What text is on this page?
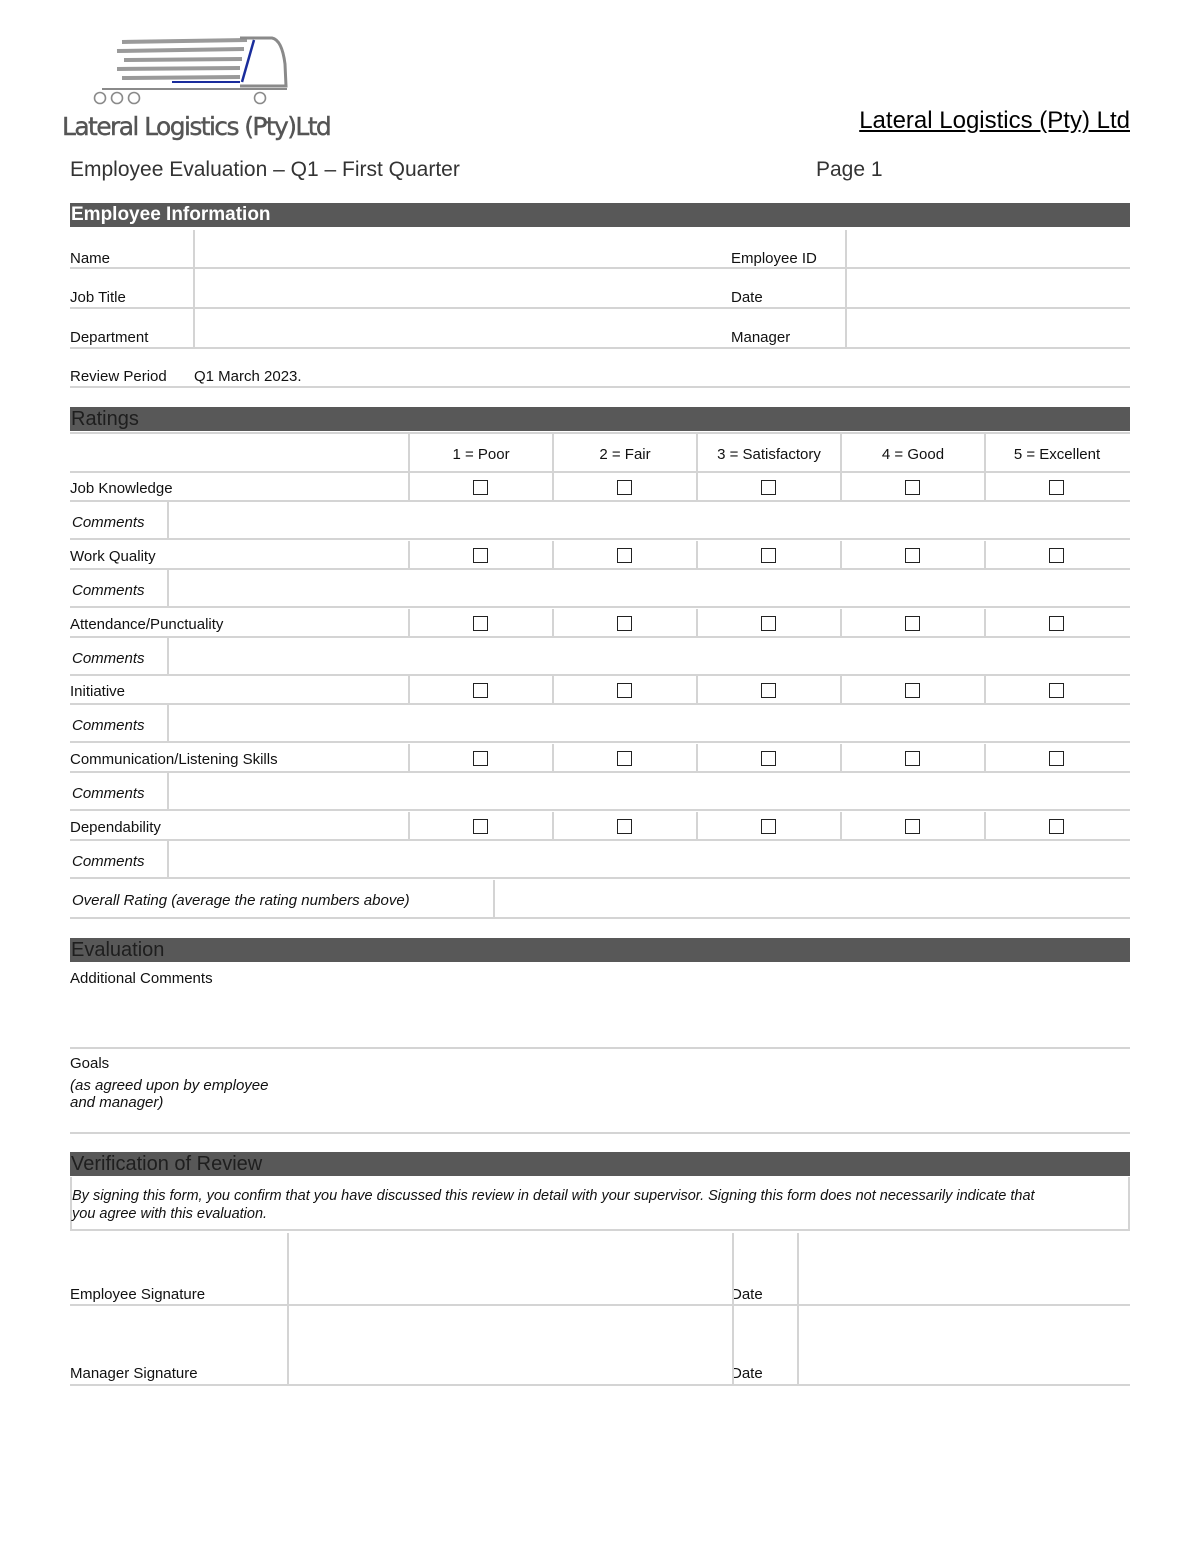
Lateral Logistics (Pty)Ltd	Lateral Logistics (Pty) Ltd
Employee Evaluation – Q1 – First Quarter	Page 1
Employee Information
Name	Employee ID
Job Title	Date
Department	Manager
Review Period Q1 March 2023.
Ratings
1 = Poor	2 = Fair	3 = Satisfactory	4 = Good	5 = Excellent
Job Knowledge
Comments
Work Quality
Comments
Attendance/Punctuality
Comments
Initiative
Comments
Communication/Listening Skills
Comments
Dependability
Comments
Overall Rating (average the rating numbers above)
Evaluation
Additional Comments
Goals
(as agreed upon by employee
and manager)
Verification of Review
By signing this form, you confirm that you have discussed this review in detail with your supervisor. Signing this form does not necessarily indicate that
you agree with this evaluation.
Employee Signature	Date
Manager Signature	Date
